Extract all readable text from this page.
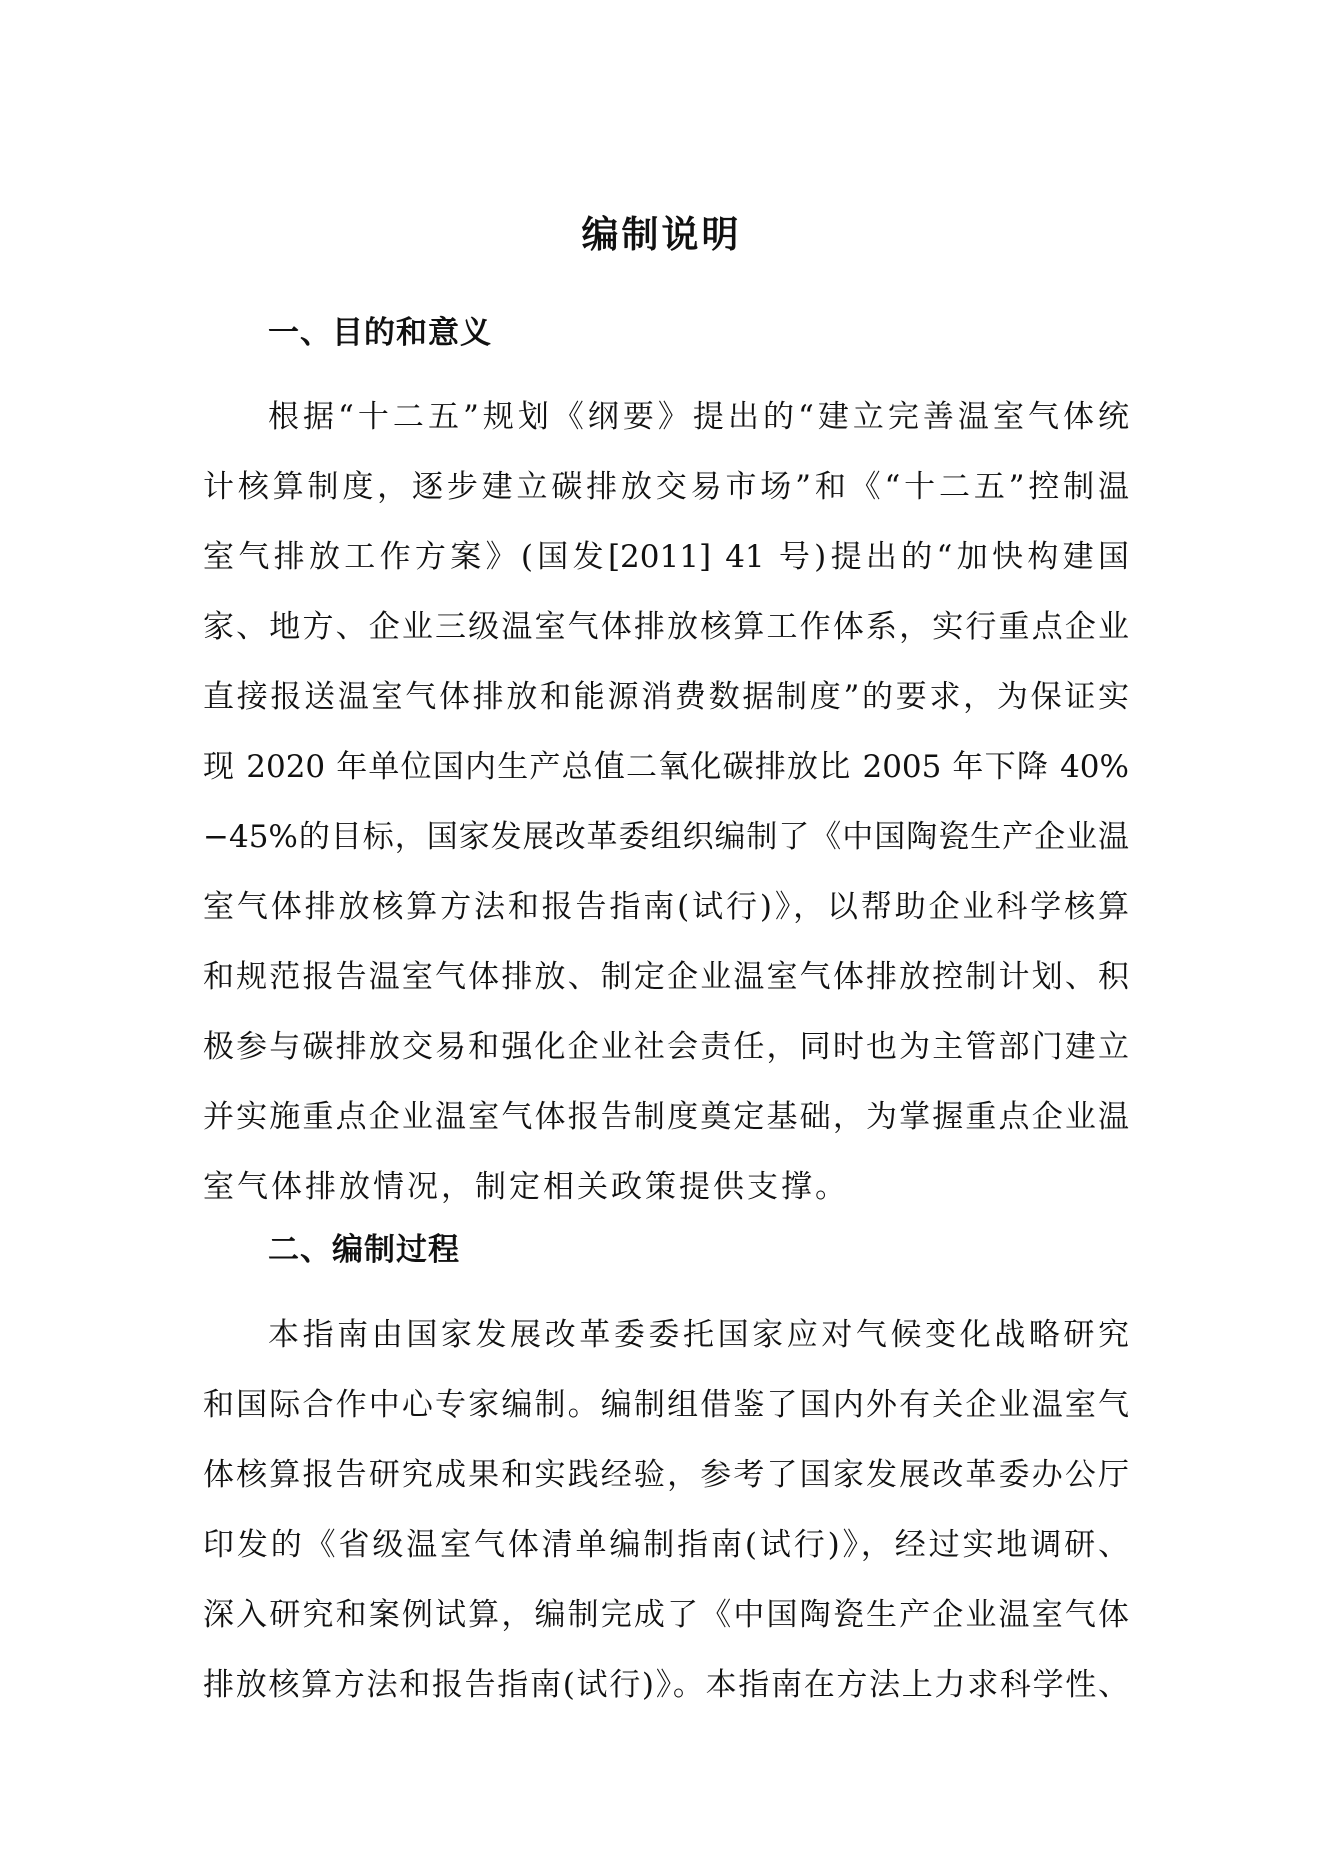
编制说明
一、目的和意义
根据“十二五”规划《纲要》提出的“建立完善温室气体统
计核算制度，逐步建立碳排放交易市场”和《“十二五”控制温
室气排放工作方案》(国发[2011] 41 号)提出的“加快构建国
家、地方、企业三级温室气体排放核算工作体系，实行重点企业
直接报送温室气体排放和能源消费数据制度”的要求，为保证实
现 2020 年单位国内生产总值二氧化碳排放比 2005 年下降 40%
−45%的目标，国家发展改革委组织编制了《中国陶瓷生产企业温
室气体排放核算方法和报告指南(试行)》，以帮助企业科学核算
和规范报告温室气体排放、制定企业温室气体排放控制计划、积
极参与碳排放交易和强化企业社会责任，同时也为主管部门建立
并实施重点企业温室气体报告制度奠定基础，为掌握重点企业温
室气体排放情况，制定相关政策提供支撑。
二、编制过程
本指南由国家发展改革委委托国家应对气候变化战略研究
和国际合作中心专家编制。编制组借鉴了国内外有关企业温室气
体核算报告研究成果和实践经验，参考了国家发展改革委办公厅
印发的《省级温室气体清单编制指南(试行)》，经过实地调研、
深入研究和案例试算，编制完成了《中国陶瓷生产企业温室气体
排放核算方法和报告指南(试行)》。本指南在方法上力求科学性、
